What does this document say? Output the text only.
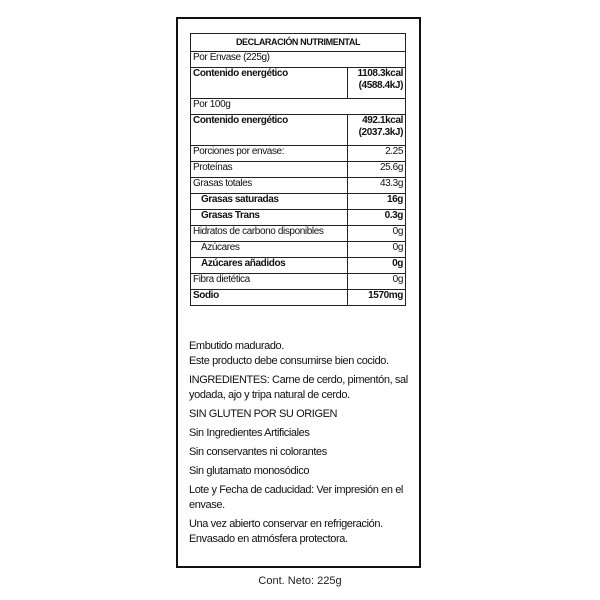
DECLARACIÓN NUTRIMENTAL	
Por Envase (225g)	
Contenido energético	1108.3kcal
(4588.4kJ)

Por 100g	
Contenido energético	492.1kcal
(2037.3kJ)

Porciones por envase:	2.25
Proteínas	25.6g
Grasas totales	43.3g
Grasas saturadas	16g
Grasas Trans	0.3g
Hidratos de carbono disponibles	0g
Azúcares	0g
Azúcares añadidos	0g
Fibra dietética	0g
Sodio	1570mg

Embutido madurado.

Este producto debe consumirse bien cocido.

INGREDIENTES: Carne de cerdo, pimentón, sal yodada, ajo y tripa natural de cerdo.

SIN GLUTEN POR SU ORIGEN

Sin Ingredientes Artificiales

Sin conservantes ni colorantes

Sin glutamato monosódico

Lote y Fecha de caducidad: Ver impresión en el envase.

Una vez abierto conservar en refrigeración.

Envasado en atmósfera protectora.

Cont. Neto: 225g
